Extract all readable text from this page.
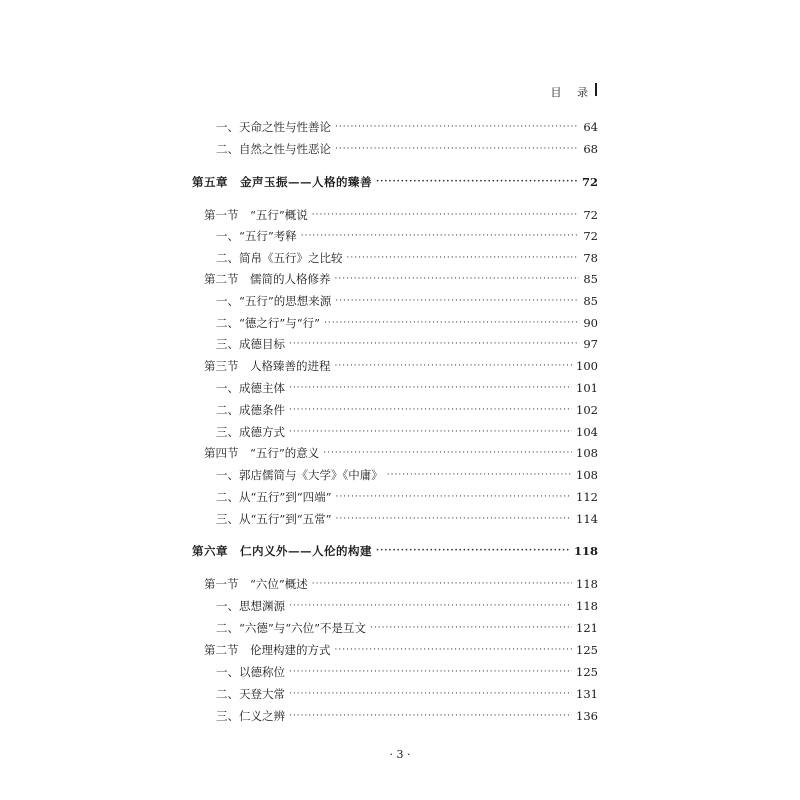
目 录
一、天命之性与性善论 ·····	64
二、自然之性与性恶论 ·····	68
第五章　金声玉振——人格的臻善 ·····	72
第一节　“五行”概说 ·····	72
一、“五行”考释 ·····	72
二、简帛《五行》之比较 ·····	78
第二节　儒简的人格修养 ·····	85
一、“五行”的思想来源 ·····	85
二、“德之行”与“行” ·····	90
三、成德目标 ·····	97
第三节　人格臻善的进程 ·····	100
一、成德主体 ·····	101
二、成德条件 ·····	102
三、成德方式 ·····	104
第四节　“五行”的意义 ·····	108
一、郭店儒简与《大学》《中庸》 ·····	108
二、从“五行”到“四端” ·····	112
三、从“五行”到“五常” ·····	114
第六章　仁内义外——人伦的构建 ·····	118
第一节　“六位”概述 ·····	118
一、思想渊源 ·····	118
二、“六德”与“六位”不是互文 ·····	121
第二节　伦理构建的方式 ·····	125
一、以德称位 ·····	125
二、天登大常 ·····	131
三、仁义之辨 ·····	136
· 3 ·
